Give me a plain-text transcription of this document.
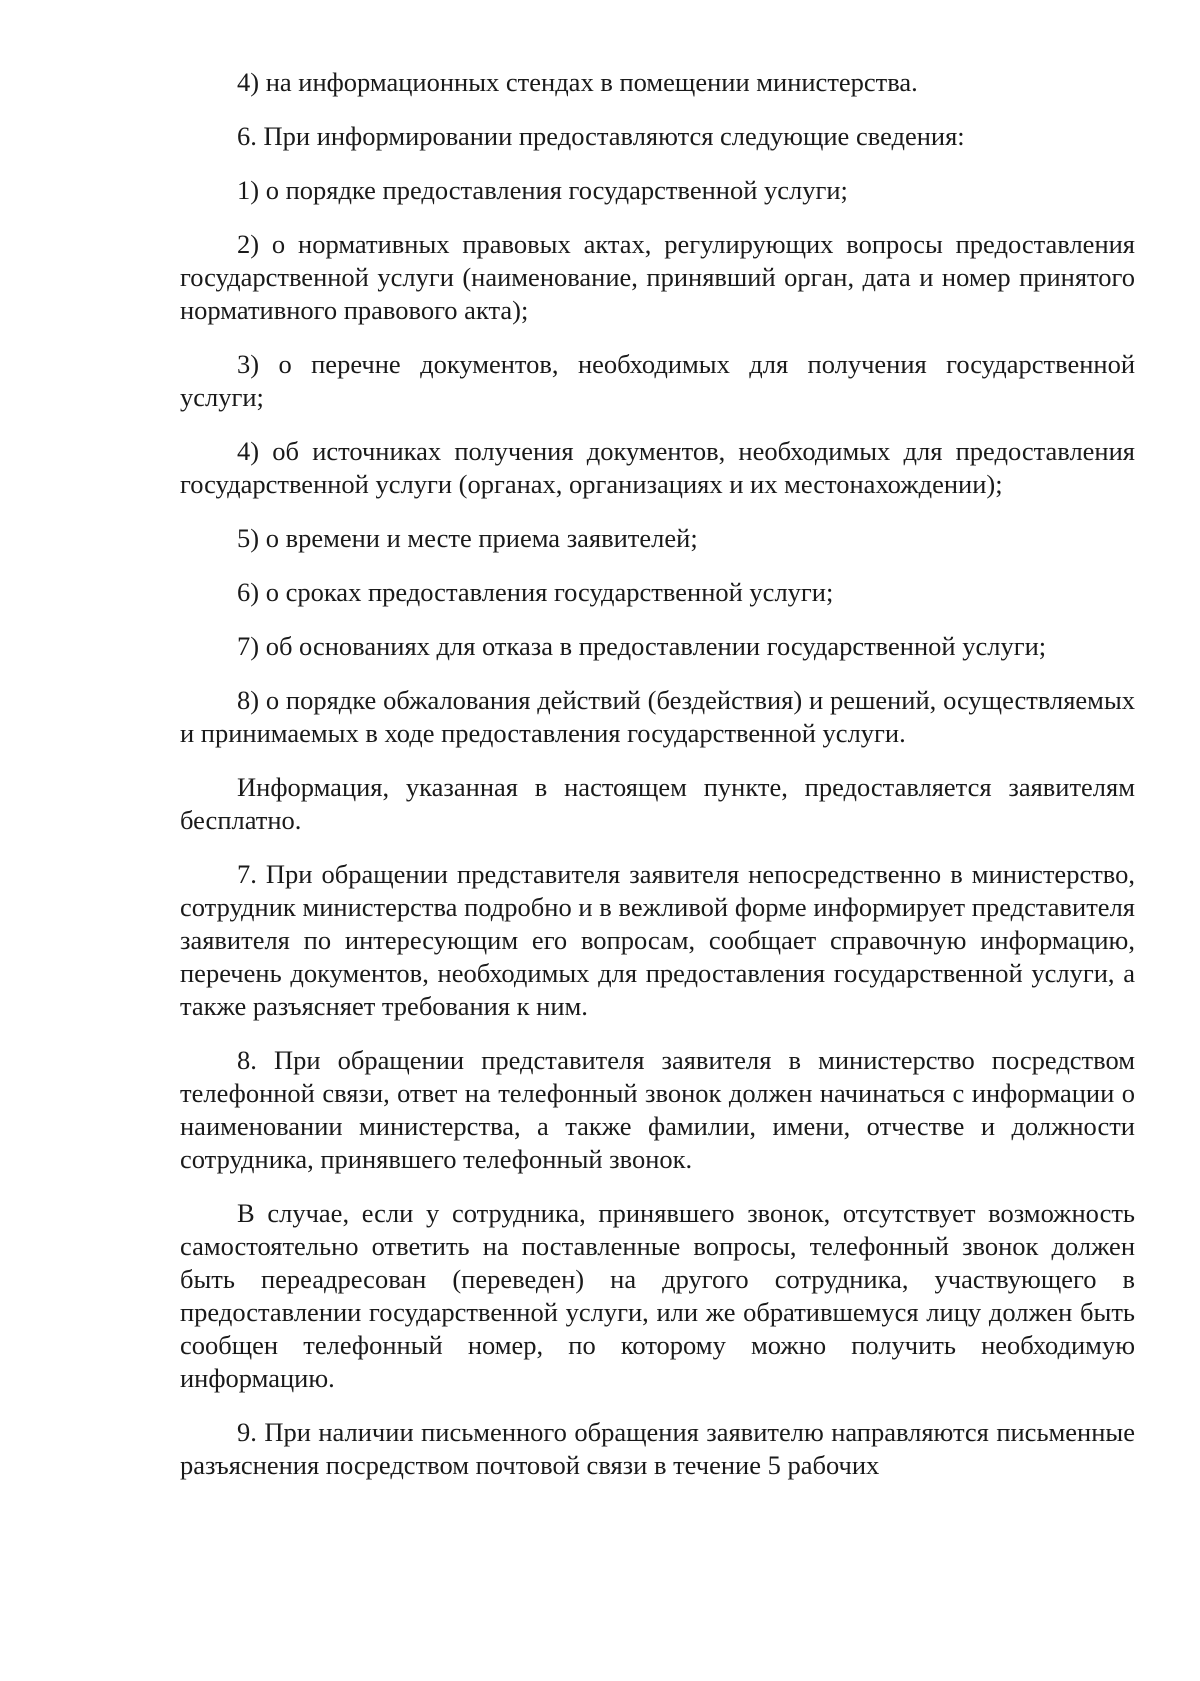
4) на информационных стендах в помещении министерства.

6. При информировании предоставляются следующие сведения:

1) о порядке предоставления государственной услуги;

2) о нормативных правовых актах, регулирующих вопросы предоставления государственной услуги (наименование, принявший орган, дата и номер принятого нормативного правового акта);

3) о перечне документов, необходимых для получения государственной услуги;

4) об источниках получения документов, необходимых для предоставления государственной услуги (органах, организациях и их местонахождении);

5) о времени и месте приема заявителей;

6) о сроках предоставления государственной услуги;

7) об основаниях для отказа в предоставлении государственной услуги;

8) о порядке обжалования действий (бездействия) и решений, осуществляемых и принимаемых в ходе предоставления государственной услуги.

Информация, указанная в настоящем пункте, предоставляется заявителям бесплатно.

7. При обращении представителя заявителя непосредственно в министерство, сотрудник министерства подробно и в вежливой форме информирует представителя заявителя по интересующим его вопросам, сообщает справочную информацию, перечень документов, необходимых для предоставления государственной услуги, а также разъясняет требования к ним.

8. При обращении представителя заявителя в министерство посредством телефонной связи, ответ на телефонный звонок должен начинаться с информации о наименовании министерства, а также фамилии, имени, отчестве и должности сотрудника, принявшего телефонный звонок.

В случае, если у сотрудника, принявшего звонок, отсутствует возможность самостоятельно ответить на поставленные вопросы, телефонный звонок должен быть переадресован (переведен) на другого сотрудника, участвующего в предоставлении государственной услуги, или же обратившемуся лицу должен быть сообщен телефонный номер, по которому можно получить необходимую информацию.

9. При наличии письменного обращения заявителю направляются письменные разъяснения посредством почтовой связи в течение 5 рабочих
